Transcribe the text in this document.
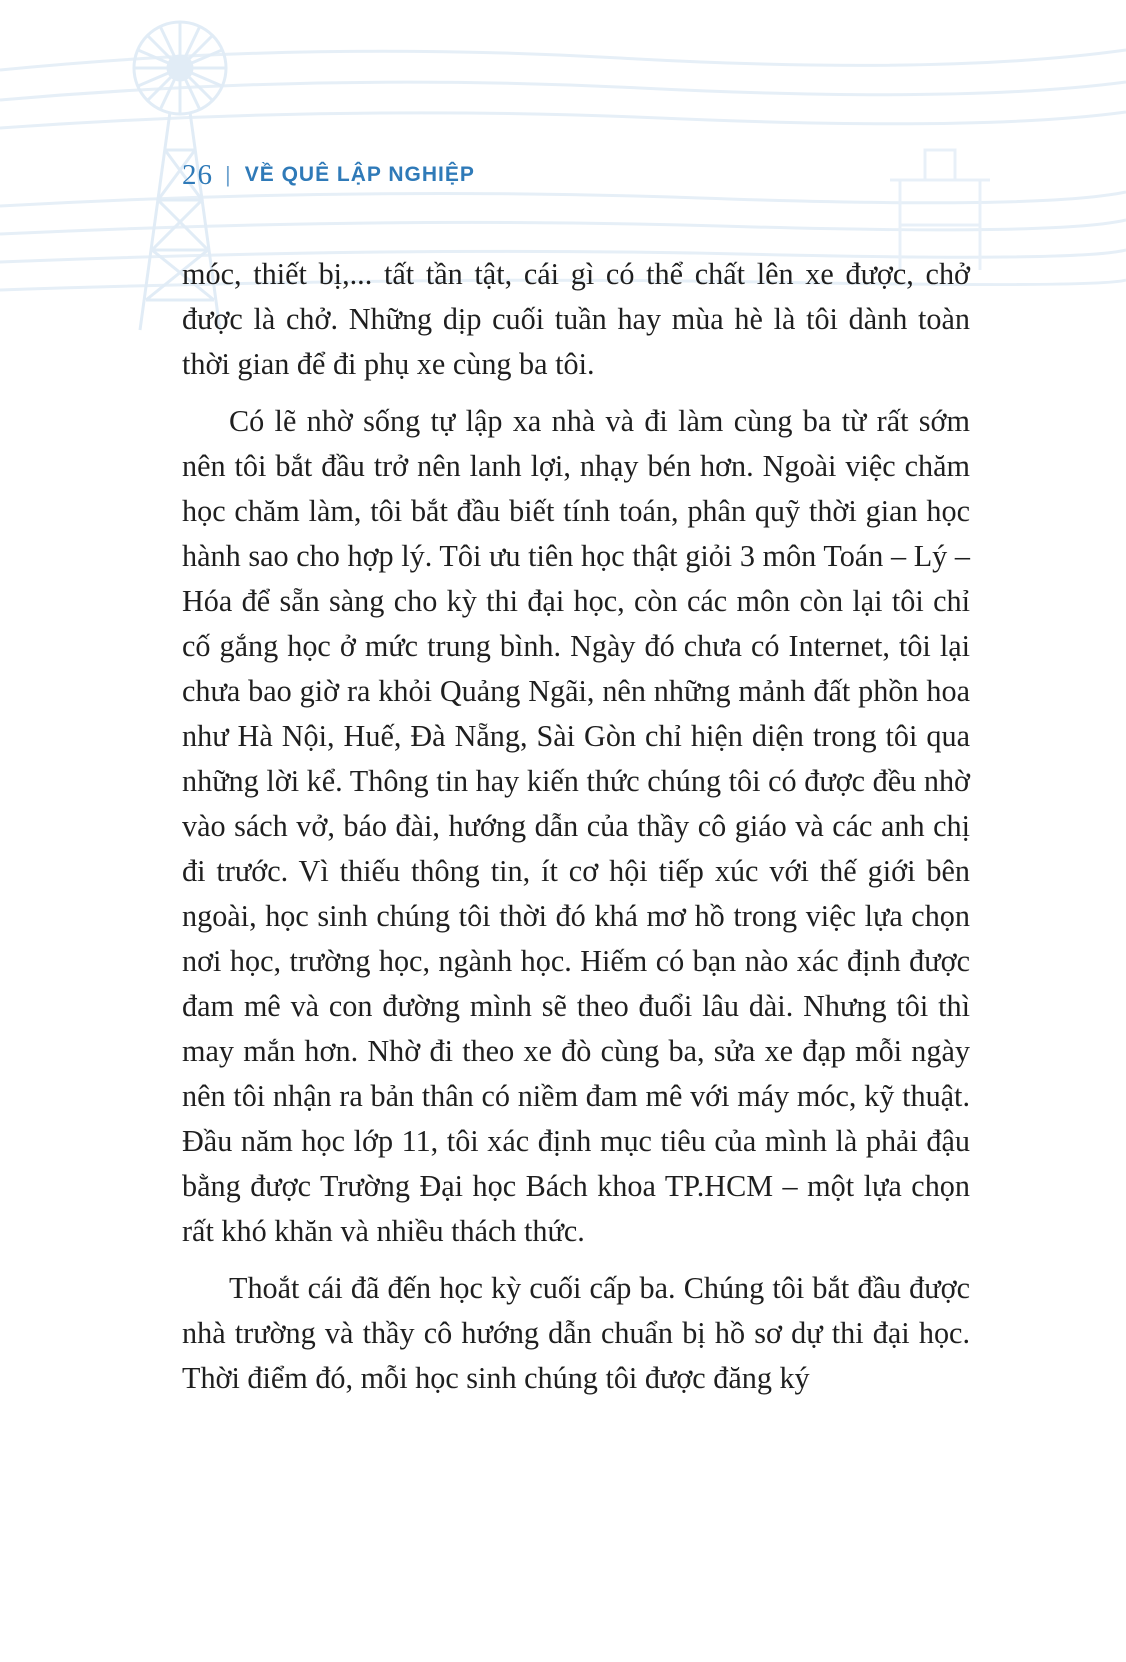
26 | VỀ QUÊ LẬP NGHIỆP

móc, thiết bị,... tất tần tật, cái gì có thể chất lên xe được, chở được là chở. Những dịp cuối tuần hay mùa hè là tôi dành toàn thời gian để đi phụ xe cùng ba tôi.

Có lẽ nhờ sống tự lập xa nhà và đi làm cùng ba từ rất sớm nên tôi bắt đầu trở nên lanh lợi, nhạy bén hơn. Ngoài việc chăm học chăm làm, tôi bắt đầu biết tính toán, phân quỹ thời gian học hành sao cho hợp lý. Tôi ưu tiên học thật giỏi 3 môn Toán – Lý – Hóa để sẵn sàng cho kỳ thi đại học, còn các môn còn lại tôi chỉ cố gắng học ở mức trung bình. Ngày đó chưa có Internet, tôi lại chưa bao giờ ra khỏi Quảng Ngãi, nên những mảnh đất phồn hoa như Hà Nội, Huế, Đà Nẵng, Sài Gòn chỉ hiện diện trong tôi qua những lời kể. Thông tin hay kiến thức chúng tôi có được đều nhờ vào sách vở, báo đài, hướng dẫn của thầy cô giáo và các anh chị đi trước. Vì thiếu thông tin, ít cơ hội tiếp xúc với thế giới bên ngoài, học sinh chúng tôi thời đó khá mơ hồ trong việc lựa chọn nơi học, trường học, ngành học. Hiếm có bạn nào xác định được đam mê và con đường mình sẽ theo đuổi lâu dài. Nhưng tôi thì may mắn hơn. Nhờ đi theo xe đò cùng ba, sửa xe đạp mỗi ngày nên tôi nhận ra bản thân có niềm đam mê với máy móc, kỹ thuật. Đầu năm học lớp 11, tôi xác định mục tiêu của mình là phải đậu bằng được Trường Đại học Bách khoa TP.HCM – một lựa chọn rất khó khăn và nhiều thách thức.

Thoắt cái đã đến học kỳ cuối cấp ba. Chúng tôi bắt đầu được nhà trường và thầy cô hướng dẫn chuẩn bị hồ sơ dự thi đại học. Thời điểm đó, mỗi học sinh chúng tôi được đăng ký
